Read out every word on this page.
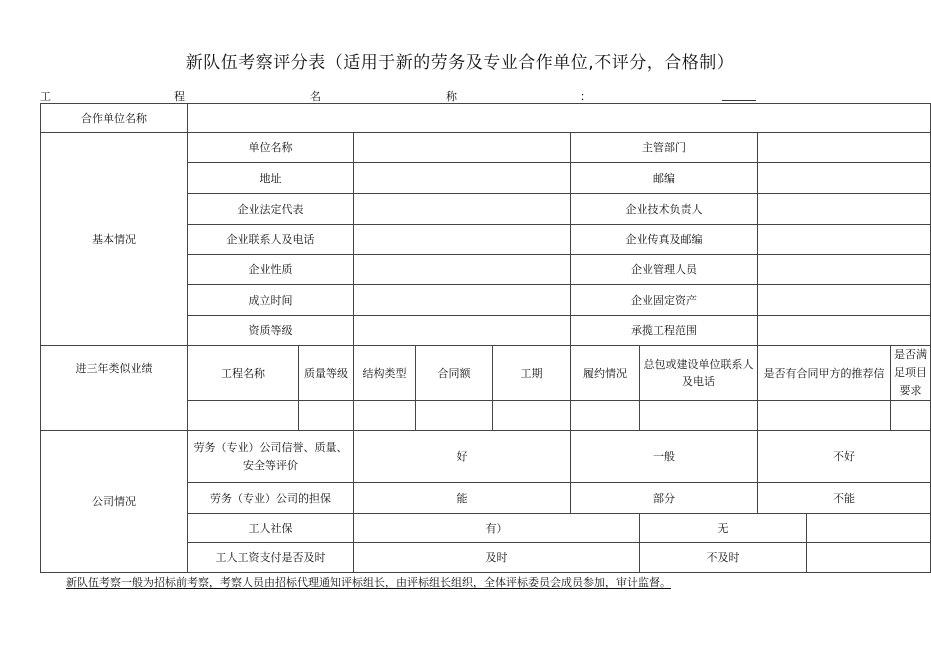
新队伍考察评分表（适用于新的劳务及专业合作单位,不评分，合格制）
工	程	名	称	：
合作单位名称										
基本情况	单位名称					主管部门				
	地址					邮编				
	企业法定代表					企业技术负责人				
	企业联系人及电话					企业传真及邮编				
	企业性质					企业管理人员				
	成立时间					企业固定资产				
	资质等级					承揽工程范围				
进三年类似业绩	工程名称	质量等级	结构类型	合同额	工期	履约情况	总包或建设单位联系人及电话	是否有合同甲方的推荐信		是否满足项目要求

公司情况	劳务（专业）公司信誉、质量、安全等评价		好			一般		不好		
	劳务（专业）公司的担保		能			部分		不能		
	工人社保		有）				无			
	工人工资支付是否及时		及时				不及时			
新队伍考察一般为招标前考察，考察人员由招标代理通知评标组长，由评标组长组织，全体评标委员会成员参加，审计监督。
